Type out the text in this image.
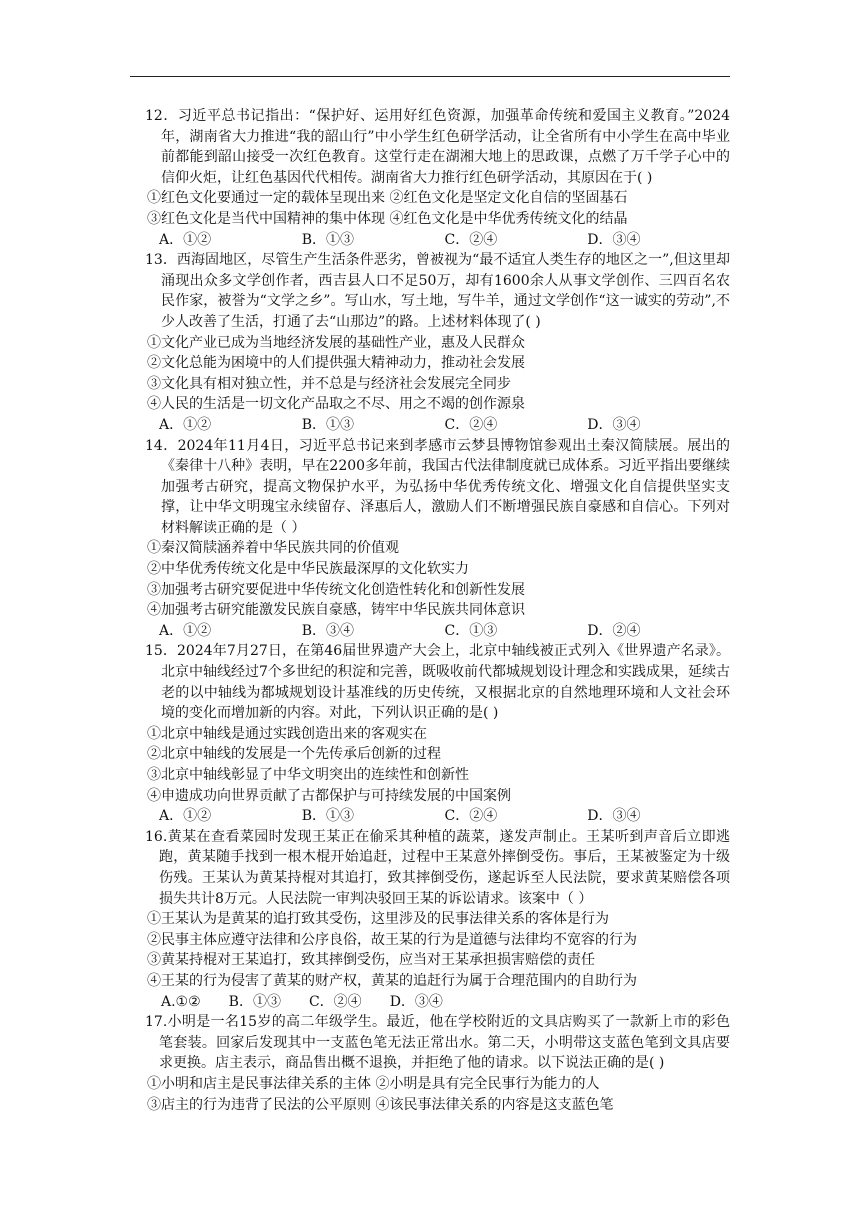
12．习近平总书记指出：“保护好、运用好红色资源，加强革命传统和爱国主义教育。”2024年，湖南省大力推进“我的韶山行”中小学生红色研学活动，让全省所有中小学生在高中毕业前都能到韶山接受一次红色教育。这堂行走在湖湘大地上的思政课，点燃了万千学子心中的信仰火炬，让红色基因代代相传。湖南省大力推行红色研学活动，其原因在于( )

①红色文化要通过一定的载体呈现出来 ②红色文化是坚定文化自信的坚固基石

③红色文化是当代中国精神的集中体现 ④红色文化是中华优秀传统文化的结晶

A．①②	B．①③	C．②④	D．③④

13．西海固地区，尽管生产生活条件恶劣，曾被视为“最不适宜人类生存的地区之一”,但这里却涌现出众多文学创作者，西吉县人口不足50万，却有1600余人从事文学创作、三四百名农民作家，被誉为“文学之乡”。写山水，写土地，写牛羊，通过文学创作“这一诚实的劳动”,不少人改善了生活，打通了去“山那边”的路。上述材料体现了( )

①文化产业已成为当地经济发展的基础性产业，惠及人民群众

②文化总能为困境中的人们提供强大精神动力，推动社会发展

③文化具有相对独立性，并不总是与经济社会发展完全同步

④人民的生活是一切文化产品取之不尽、用之不竭的创作源泉

A．①②	B．①③	C．②④	D．③④

14．2024年11月4日，习近平总书记来到孝感市云梦县博物馆参观出土秦汉简牍展。展出的《秦律十八种》表明，早在2200多年前，我国古代法律制度就已成体系。习近平指出要继续加强考古研究，提高文物保护水平，为弘扬中华优秀传统文化、增强文化自信提供坚实支撑，让中华文明瑰宝永续留存、泽惠后人，激励人们不断增强民族自豪感和自信心。下列对材料解读正确的是（ ）

①秦汉简牍涵养着中华民族共同的价值观

②中华优秀传统文化是中华民族最深厚的文化软实力

③加强考古研究要促进中华传统文化创造性转化和创新性发展

④加强考古研究能激发民族自豪感，铸牢中华民族共同体意识

A．①②	B．③④	C．①③	D．②④

15．2024年7月27日，在第46届世界遗产大会上，北京中轴线被正式列入《世界遗产名录》。北京中轴线经过7个多世纪的积淀和完善，既吸收前代都城规划设计理念和实践成果，延续古老的以中轴线为都城规划设计基准线的历史传统，又根据北京的自然地理环境和人文社会环境的变化而增加新的内容。对此，下列认识正确的是( )

①北京中轴线是通过实践创造出来的客观实在

②北京中轴线的发展是一个先传承后创新的过程

③北京中轴线彰显了中华文明突出的连续性和创新性

④申遗成功向世界贡献了古都保护与可持续发展的中国案例

A．①②	B．①③	C．②④	D．③④

16.黄某在查看菜园时发现王某正在偷采其种植的蔬菜，遂发声制止。王某听到声音后立即逃跑，黄某随手找到一根木棍开始追赶，过程中王某意外摔倒受伤。事后，王某被鉴定为十级伤残。王某认为黄某持棍对其追打，致其摔倒受伤，遂起诉至人民法院，要求黄某赔偿各项损失共计8万元。人民法院一审判决驳回王某的诉讼请求。该案中（ ）

①王某认为是黄某的追打致其受伤，这里涉及的民事法律关系的客体是行为

②民事主体应遵守法律和公序良俗，故王某的行为是道德与法律均不宽容的行为

③黄某持棍对王某追打，致其摔倒受伤，应当对王某承担损害赔偿的责任

④王某的行为侵害了黄某的财产权，黄某的追赶行为属于合理范围内的自助行为

A.①② B．①③ C．②④ D．③④

17.小明是一名15岁的高二年级学生。最近，他在学校附近的文具店购买了一款新上市的彩色笔套装。回家后发现其中一支蓝色笔无法正常出水。第二天，小明带这支蓝色笔到文具店要求更换。店主表示，商品售出概不退换，并拒绝了他的请求。以下说法正确的是( )

①小明和店主是民事法律关系的主体 ②小明是具有完全民事行为能力的人

③店主的行为违背了民法的公平原则 ④该民事法律关系的内容是这支蓝色笔
